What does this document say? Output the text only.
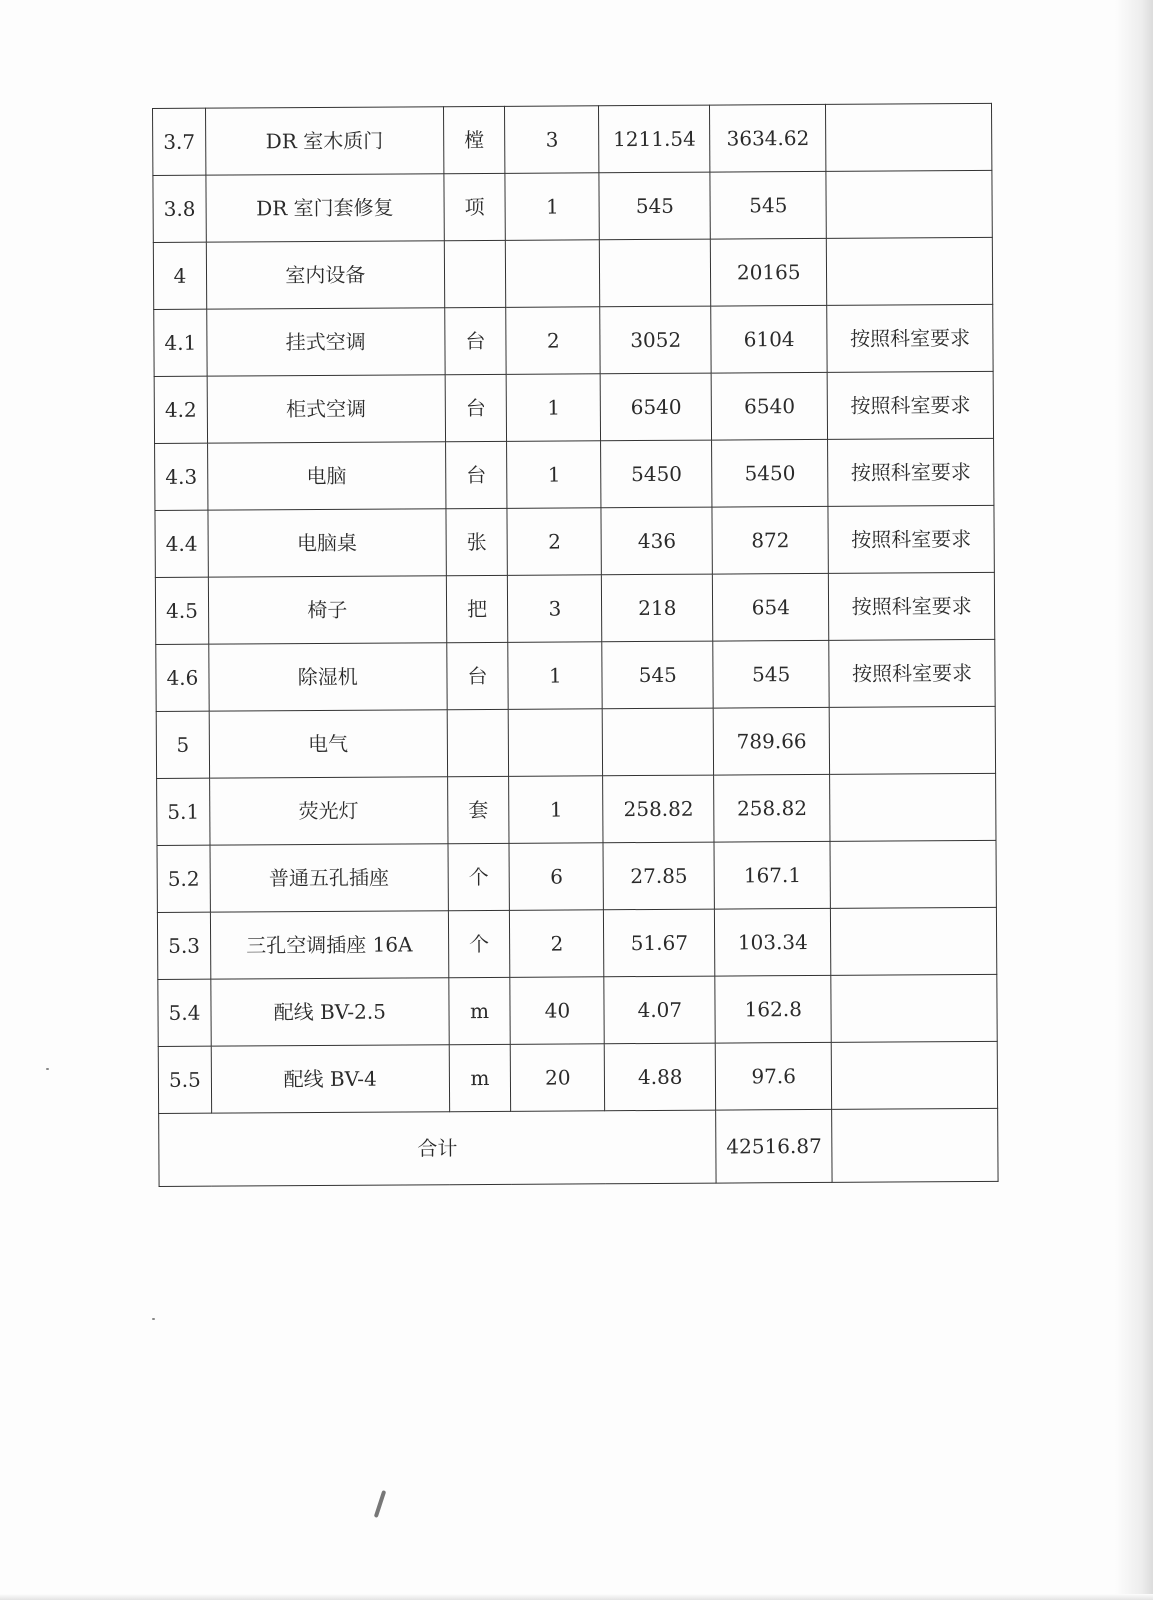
3.7	DR 室木质门	樘	3	1211.54	3634.62	
3.8	DR 室门套修复	项	1	545	545	
4	室内设备				20165	
4.1	挂式空调	台	2	3052	6104	按照科室要求
4.2	柜式空调	台	1	6540	6540	按照科室要求
4.3	电脑	台	1	5450	5450	按照科室要求
4.4	电脑桌	张	2	436	872	按照科室要求
4.5	椅子	把	3	218	654	按照科室要求
4.6	除湿机	台	1	545	545	按照科室要求
5	电气				789.66	
5.1	荧光灯	套	1	258.82	258.82	
5.2	普通五孔插座	个	6	27.85	167.1	
5.3	三孔空调插座 16A	个	2	51.67	103.34	
5.4	配线 BV-2.5	m	40	4.07	162.8	
5.5	配线 BV-4	m	20	4.88	97.6	
合计					42516.87	
